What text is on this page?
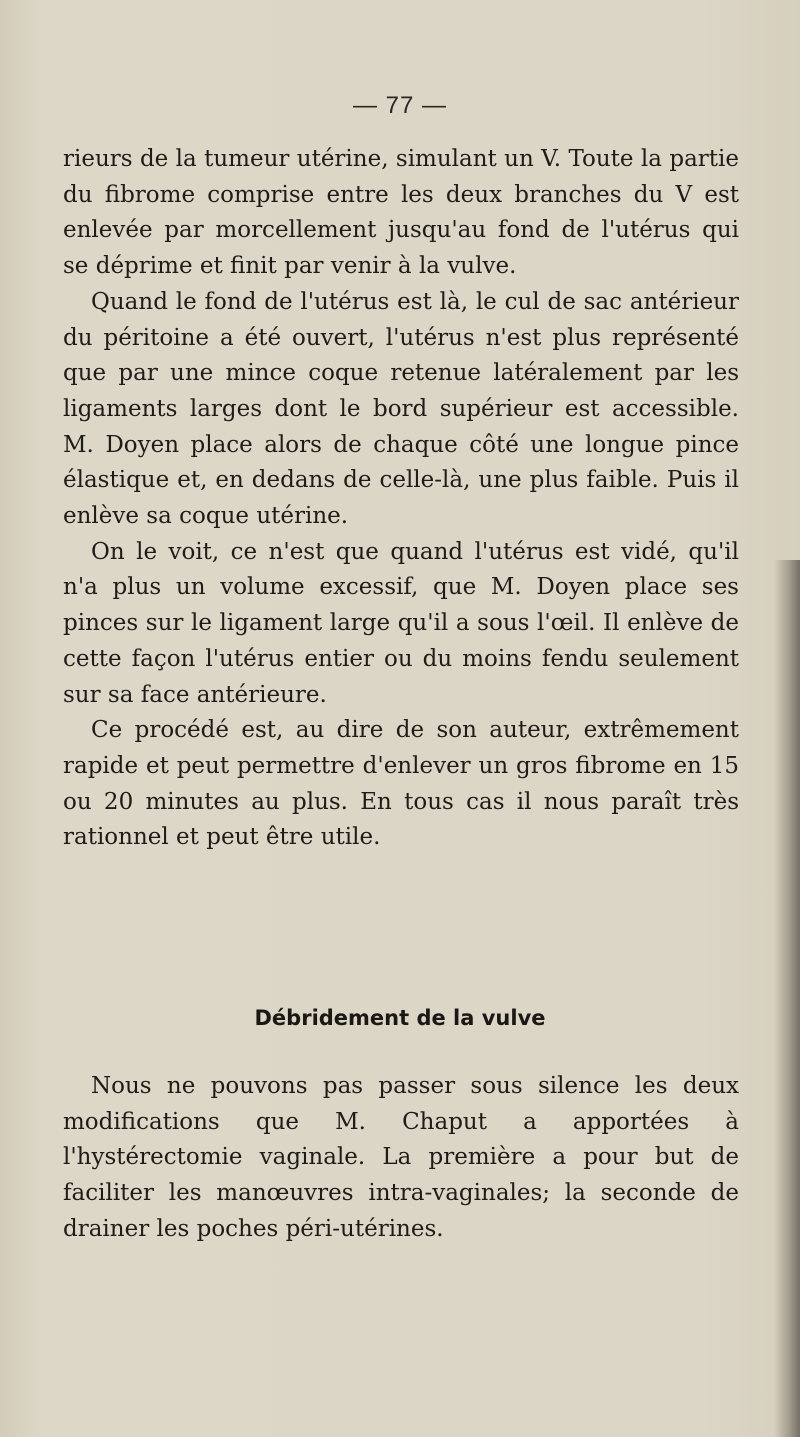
— 77 —

rieurs de la tumeur utérine, simulant un V. Toute la partie du fibrome comprise entre les deux branches du V est enlevée par morcellement jusqu'au fond de l'utérus qui se déprime et finit par venir à la vulve.

Quand le fond de l'utérus est là, le cul de sac antérieur du péritoine a été ouvert, l'utérus n'est plus représenté que par une mince coque retenue latéralement par les ligaments larges dont le bord supérieur est accessible. M. Doyen place alors de chaque côté une longue pince élastique et, en dedans de celle-là, une plus faible. Puis il enlève sa coque utérine.

On le voit, ce n'est que quand l'utérus est vidé, qu'il n'a plus un volume excessif, que M. Doyen place ses pinces sur le ligament large qu'il a sous l'œil. Il enlève de cette façon l'utérus entier ou du moins fendu seulement sur sa face antérieure.

Ce procédé est, au dire de son auteur, extrêmement rapide et peut permettre d'enlever un gros fibrome en 15 ou 20 minutes au plus. En tous cas il nous paraît très rationnel et peut être utile.

Débridement de la vulve

Nous ne pouvons pas passer sous silence les deux modifications que M. Chaput a apportées à l'hystérectomie vaginale. La première a pour but de faciliter les manœuvres intra-vaginales; la seconde de drainer les poches péri-utérines.
